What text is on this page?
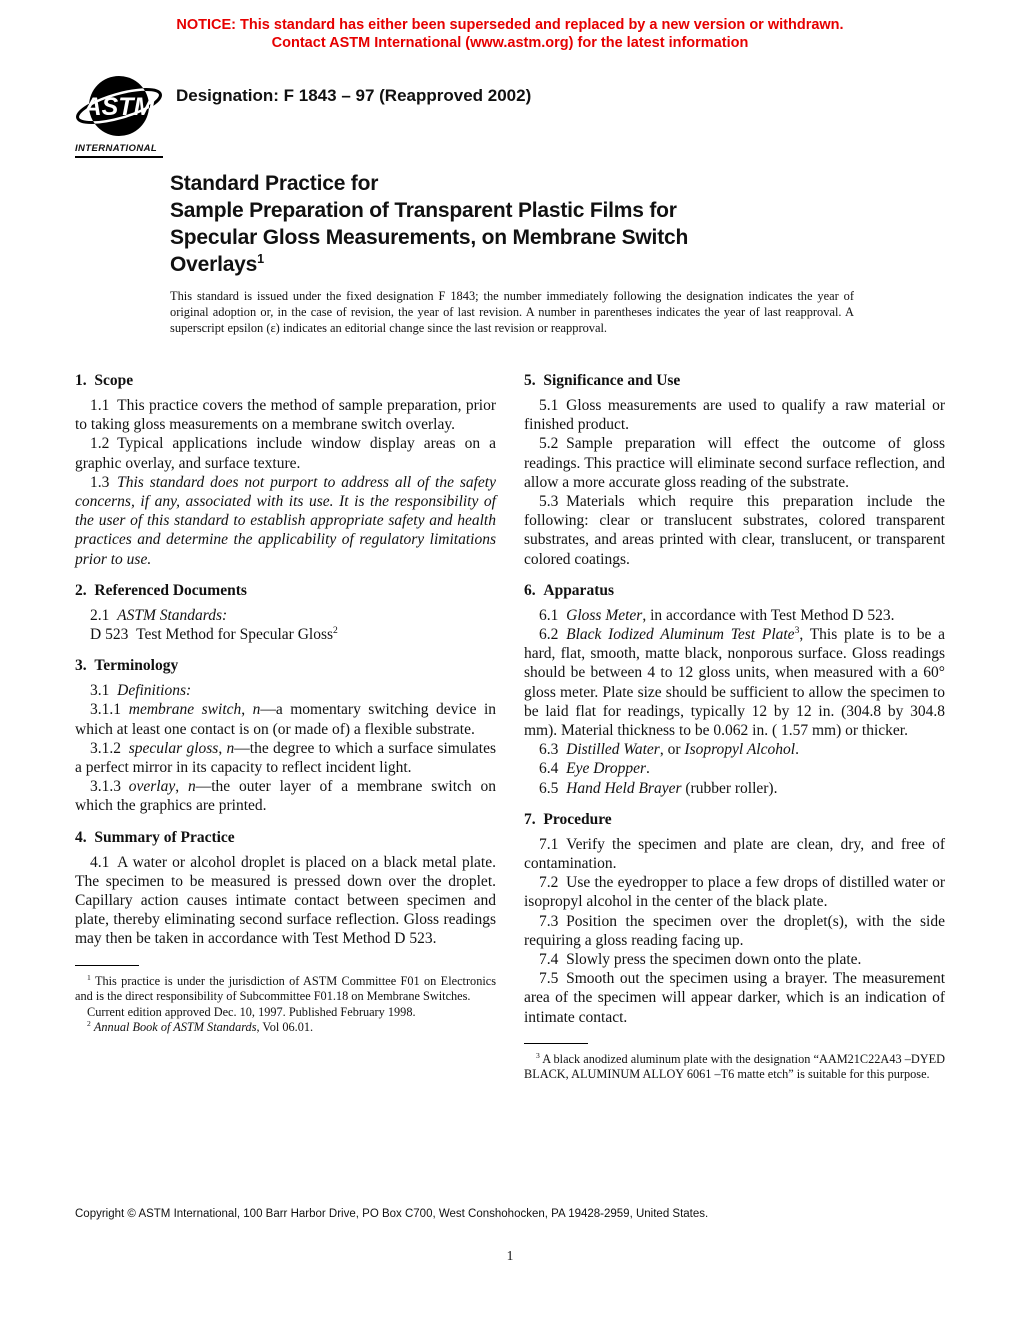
NOTICE: This standard has either been superseded and replaced by a new version or withdrawn.
Contact ASTM International (www.astm.org) for the latest information
ASTM
INTERNATIONAL
Designation: F 1843 – 97 (Reapproved 2002)
Standard Practice for
Sample Preparation of Transparent Plastic Films for
Specular Gloss Measurements, on Membrane Switch
Overlays$^1$
This standard is issued under the fixed designation F 1843; the number immediately following the designation indicates the year of original adoption or, in the case of revision, the year of last revision. A number in parentheses indicates the year of last reapproval. A superscript epsilon (ε) indicates an editorial change since the last revision or reapproval.
1. Scope

1.1 This practice covers the method of sample preparation, prior to taking gloss measurements on a membrane switch overlay.

1.2 Typical applications include window display areas on a graphic overlay, and surface texture.

1.3 This standard does not purport to address all of the safety concerns, if any, associated with its use. It is the responsibility of the user of this standard to establish appropriate safety and health practices and determine the applicability of regulatory limitations prior to use.

2. Referenced Documents

2.1 ASTM Standards:

D 523 Test Method for Specular Gloss$^2$

3. Terminology

3.1 Definitions:

3.1.1 membrane switch, n—a momentary switching device in which at least one contact is on (or made of) a flexible substrate.

3.1.2 specular gloss, n—the degree to which a surface simulates a perfect mirror in its capacity to reflect incident light.

3.1.3 overlay, n—the outer layer of a membrane switch on which the graphics are printed.

4. Summary of Practice

4.1 A water or alcohol droplet is placed on a black metal plate. The specimen to be measured is pressed down over the droplet. Capillary action causes intimate contact between specimen and plate, thereby eliminating second surface reflection. Gloss readings may then be taken in accordance with Test Method D 523.

$^1$ This practice is under the jurisdiction of ASTM Committee F01 on Electronics and is the direct responsibility of Subcommittee F01.18 on Membrane Switches.

Current edition approved Dec. 10, 1997. Published February 1998.

$^2$ Annual Book of ASTM Standards, Vol 06.01.

5. Significance and Use

5.1 Gloss measurements are used to qualify a raw material or finished product.

5.2 Sample preparation will effect the outcome of gloss readings. This practice will eliminate second surface reflection, and allow a more accurate gloss reading of the substrate.

5.3 Materials which require this preparation include the following: clear or translucent substrates, colored transparent substrates, and areas printed with clear, translucent, or transparent colored coatings.

6. Apparatus

6.1 Gloss Meter, in accordance with Test Method D 523.

6.2 Black Iodized Aluminum Test Plate$^3$, This plate is to be a hard, flat, smooth, matte black, nonporous surface. Gloss readings should be between 4 to 12 gloss units, when measured with a 60° gloss meter. Plate size should be sufficient to allow the specimen to be laid flat for readings, typically 12 by 12 in. (304.8 by 304.8 mm). Material thickness to be 0.062 in. ( 1.57 mm) or thicker.

6.3 Distilled Water, or Isopropyl Alcohol.

6.4 Eye Dropper.

6.5 Hand Held Brayer (rubber roller).

7. Procedure

7.1 Verify the specimen and plate are clean, dry, and free of contamination.

7.2 Use the eyedropper to place a few drops of distilled water or isopropyl alcohol in the center of the black plate.

7.3 Position the specimen over the droplet(s), with the side requiring a gloss reading facing up.

7.4 Slowly press the specimen down onto the plate.

7.5 Smooth out the specimen using a brayer. The measurement area of the specimen will appear darker, which is an indication of intimate contact.

$^3$ A black anodized aluminum plate with the designation “AAM21C22A43 –DYED BLACK, ALUMINUM ALLOY 6061 –T6 matte etch” is suitable for this purpose.

Copyright © ASTM International, 100 Barr Harbor Drive, PO Box C700, West Conshohocken, PA 19428-2959, United States.
1
